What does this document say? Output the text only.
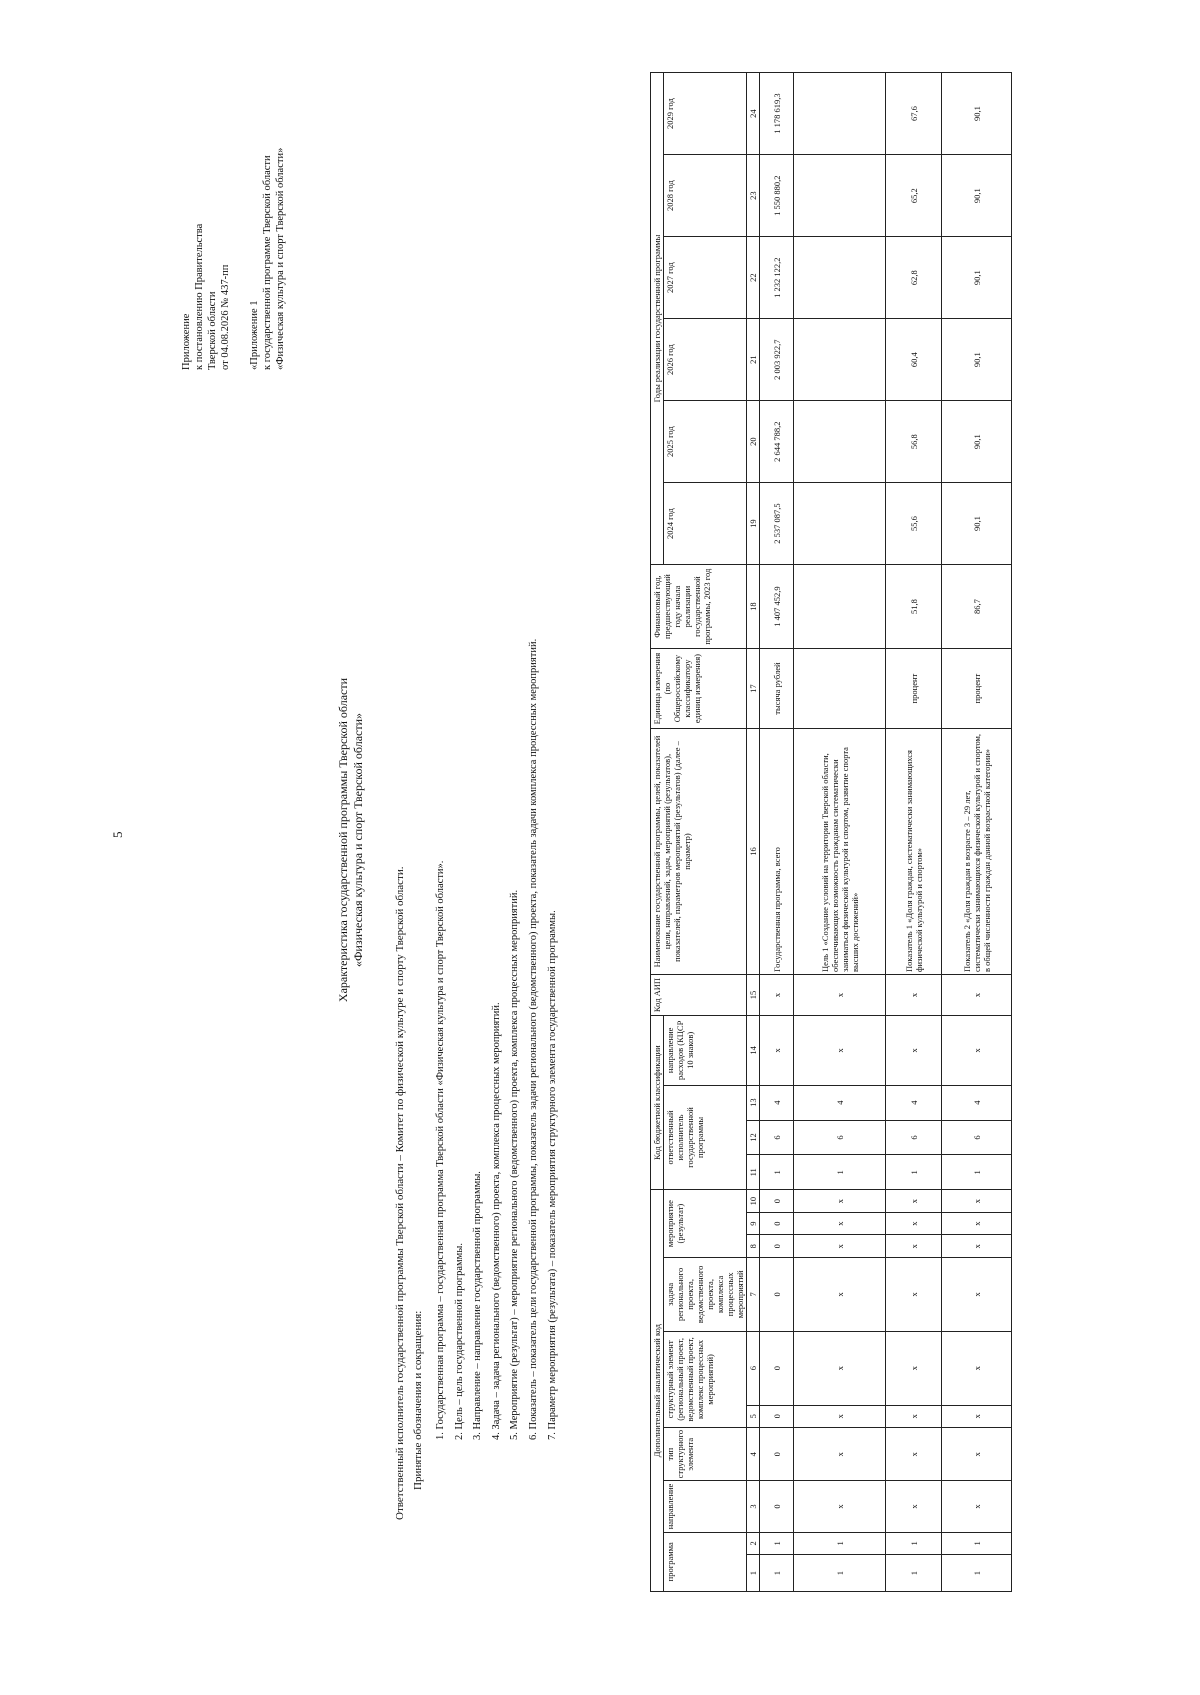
5
Приложение к постановлению Правительства Тверской области от 04.08.2026 № 437-пп «Приложение 1 к государственной программе Тверской области «Физическая культура и спорт Тверской области»
Характеристика государственной программы Тверской области «Физическая культура и спорт Тверской области»
Ответственный исполнитель государственной программы Тверской области – Комитет по физической культуре и спорту Тверской области. Принятые обозначения и сокращения: 1. Государственная программа – государственная программа Тверской области «Физическая культура и спорт Тверской области». 2. Цель – цель государственной программы. 3. Направление – направление государственной программы. 4. Задача – задача регионального (ведомственного) проекта, комплекса процессных мероприятий. 5. Мероприятие (результат) – мероприятие регионального (ведомственного) проекта, комплекса процессных мероприятий. 6. Показатель – показатель цели государственной программы, показатель задачи регионального (ведомственного) проекта, показатель задачи комплекса процессных мероприятий. 7. Параметр мероприятия (результата) – показатель мероприятия структурного элемента государственной программы.	Дополнительный аналитический код										Код бюджетной классификации				Код АИП	Наименование государственной программы, целей, показателей цели, направлений, задач, мероприятий (результатов), показателей, параметров мероприятий (результатов) (далее – параметр)	Единица измерения (по Общероссийскому классификатору единиц измерения)	Финансовый год, предшествующий году начала реализации государственной программы, 2023 год	Годы реализации государственной программы					
программа		направление	тип структурного элемента	структурный элемент (региональный проект, ведомственный проект, комплекс процессных мероприятий)		задача регионального проекта, ведомственного проекта, комплекса процессных мероприятий	мероприятие (результат)			ответственный исполнитель государственной программы			направление расходов (КЦСР 10 знаков)					2024 год	2025 год	2026 год	2027 год	2028 год	2029 год

1	2	3	4	5	6	7	8	9	10	11	12	13	14	15	16	17	18	19	20	21	22	23	24
1	1	0	0	0	0	0	0	0	0	1	6	4	x	x	Государственная программа, всего	тысяча рублей	1 407 452,9	2 537 087,5	2 644 788,2	2 003 922,7	1 232 122,2	1 550 880,2	1 178 619,3
1	1	x	x	x	x	x	x	x	x	1	6	4	x	x	Цель 1 «Создание условий на территории Тверской области, обеспечивающих возможность гражданам систематически заниматься физической культурой и спортом, развитие спорта высших достижений»								
1	1	x	x	x	x	x	x	x	x	1	6	4	x	x	Показатель 1 «Доля граждан, систематически занимающихся физической культурой и спортом»	процент	51,8	55,6	56,8	60,4	62,8	65,2	67,6
1	1	x	x	x	x	x	x	x	x	1	6	4	x	x	Показатель 2 «Доля граждан в возрасте 3 – 29 лет, систематически занимающихся физической культурой и спортом, в общей численности граждан данной возрастной категории»	процент	86,7	90,1	90,1	90,1	90,1	90,1	90,1
